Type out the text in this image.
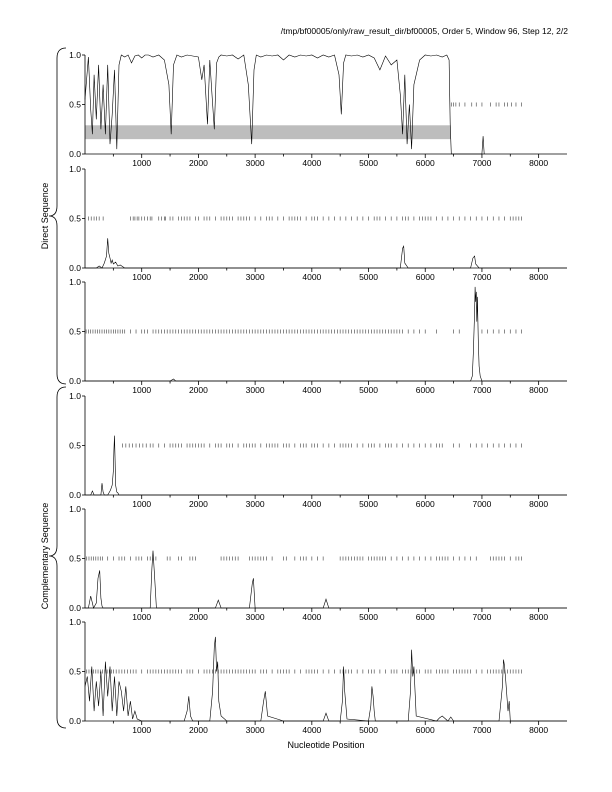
/tmp/bf00005/only/raw_result_dir/bf00005, Order 5, Window 96, Step 12, 2/2
0.0
0.5
1.0
1000	2000	3000	4000	5000	6000	7000	8000
0.0
0.5
1.0
1000	2000	3000	4000	5000	6000	7000	8000
0.0
0.5
1.0
1000	2000	3000	4000	5000	6000	7000	8000
0.0
0.5
1.0
1000	2000	3000	4000	5000	6000	7000	8000
0.0
0.5
1.0
1000	2000	3000	4000	5000	6000	7000	8000
0.0
0.5
1.0
1000	2000	3000	4000	5000	6000	7000	8000
Direct Sequence
Complementary Sequence
Nucleotide Position
